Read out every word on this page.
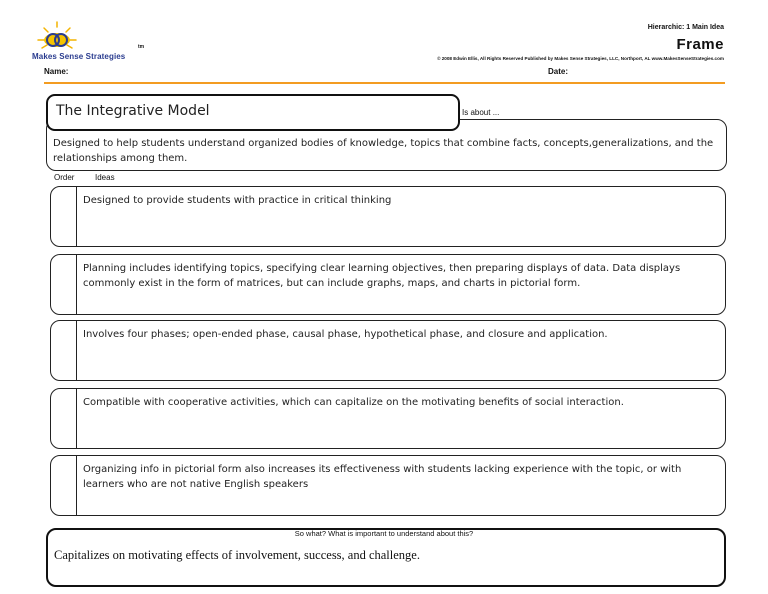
Makes Sense Strategies
tm
Name:	Date:
Hierarchic: 1 Main Idea
Frame
© 2008 Edwin Ellis, All Rights Reserved Published by Makes Sense Strategies, LLC, Northport, AL www.MakesSenseStrategies.com
The Integrative Model	Is about ...
Designed to help students understand organized bodies of knowledge, topics that combine facts, concepts,generalizations, and the relationships among them.
Order	Ideas
Designed to provide students with practice in critical thinking
Planning includes identifying topics, specifying clear learning objectives, then preparing displays of data. Data displays commonly exist in the form of matrices, but can include graphs, maps, and charts in pictorial form.
Involves four phases; open-ended phase, causal phase, hypothetical phase, and closure and application.
Compatible with cooperative activities, which can capitalize on the motivating benefits of social interaction.
Organizing info in pictorial form also increases its effectiveness with students lacking experience with the topic, or with learners who are not native English speakers
Capitalizes on motivating effects of involvement, success, and challenge.
So what? What is important to understand about this?
